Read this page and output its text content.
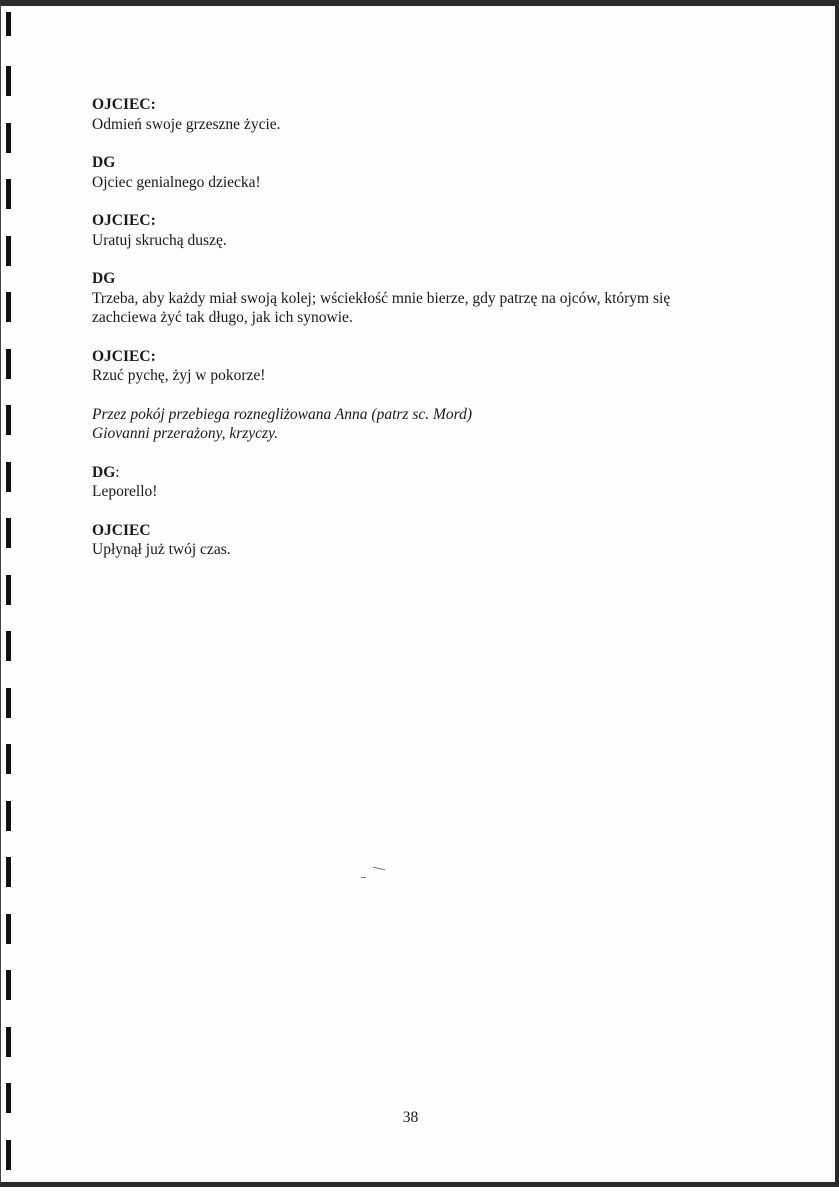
OJCIEC:
Odmień swoje grzeszne życie.
DG
Ojciec genialnego dziecka!
OJCIEC:
Uratuj skruchą duszę.
DG
Trzeba, aby każdy miał swoją kolej; wściekłość mnie bierze, gdy patrzę na ojców, którym się
zachciewa żyć tak długo, jak ich synowie.
OJCIEC:
Rzuć pychę, żyj w pokorze!
Przez pokój przebiega roznegliżowana Anna (patrz sc. Mord)
Giovanni przerażony, krzyczy.
DG:
Leporello!
OJCIEC
Upłynął już twój czas.
38
